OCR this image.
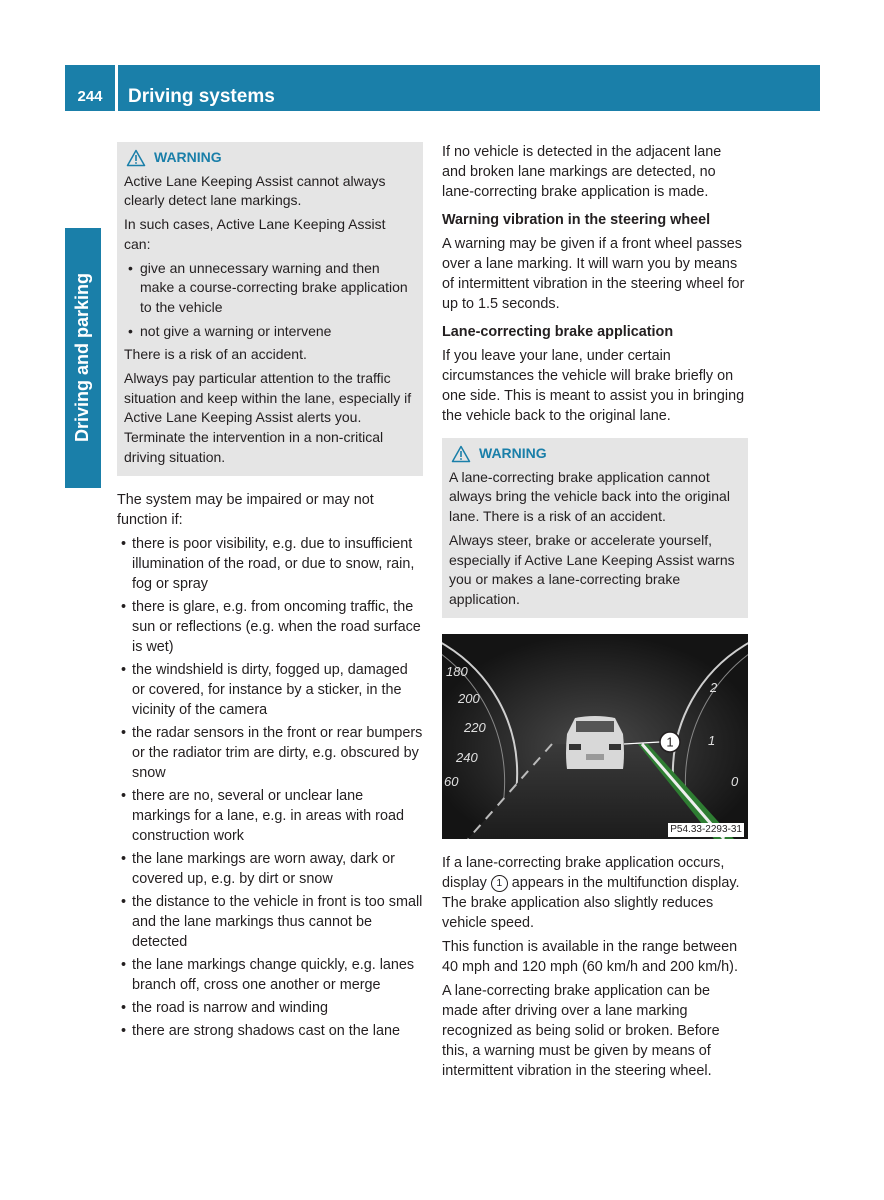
244	Driving systems
Driving and parking
WARNING

Active Lane Keeping Assist cannot always clearly detect lane markings.

In such cases, Active Lane Keeping Assist can:

• give an unnecessary warning and then make a course-correcting brake application to the vehicle
• not give a warning or intervene

There is a risk of an accident.

Always pay particular attention to the traffic situation and keep within the lane, especially if Active Lane Keeping Assist alerts you. Terminate the intervention in a non-critical driving situation.

The system may be impaired or may not function if:

• there is poor visibility, e.g. due to insufficient illumination of the road, or due to snow, rain, fog or spray
• there is glare, e.g. from oncoming traffic, the sun or reflections (e.g. when the road surface is wet)
• the windshield is dirty, fogged up, damaged or covered, for instance by a sticker, in the vicinity of the camera
• the radar sensors in the front or rear bumpers or the radiator trim are dirty, e.g. obscured by snow
• there are no, several or unclear lane markings for a lane, e.g. in areas with road construction work
• the lane markings are worn away, dark or covered up, e.g. by dirt or snow
• the distance to the vehicle in front is too small and the lane markings thus cannot be detected
• the lane markings change quickly, e.g. lanes branch off, cross one another or merge
• the road is narrow and winding
• there are strong shadows cast on the lane

If no vehicle is detected in the adjacent lane and broken lane markings are detected, no lane-correcting brake application is made.

Warning vibration in the steering wheel

A warning may be given if a front wheel passes over a lane marking. It will warn you by means of intermittent vibration in the steering wheel for up to 1.5 seconds.

Lane-correcting brake application

If you leave your lane, under certain circumstances the vehicle will brake briefly on one side. This is meant to assist you in bringing the vehicle back to the original lane.

WARNING

A lane-correcting brake application cannot always bring the vehicle back into the original lane. There is a risk of an accident.

Always steer, brake or accelerate yourself, especially if Active Lane Keeping Assist warns you or makes a lane-correcting brake application.

1
180
200
220
240
60
2
1
0
P54.33-2293-31

If a lane-correcting brake application occurs, display 1 appears in the multifunction display. The brake application also slightly reduces vehicle speed.

This function is available in the range between 40 mph and 120 mph (60 km/h and 200 km/h).

A lane-correcting brake application can be made after driving over a lane marking recognized as being solid or broken. Before this, a warning must be given by means of intermittent vibration in the steering wheel.
